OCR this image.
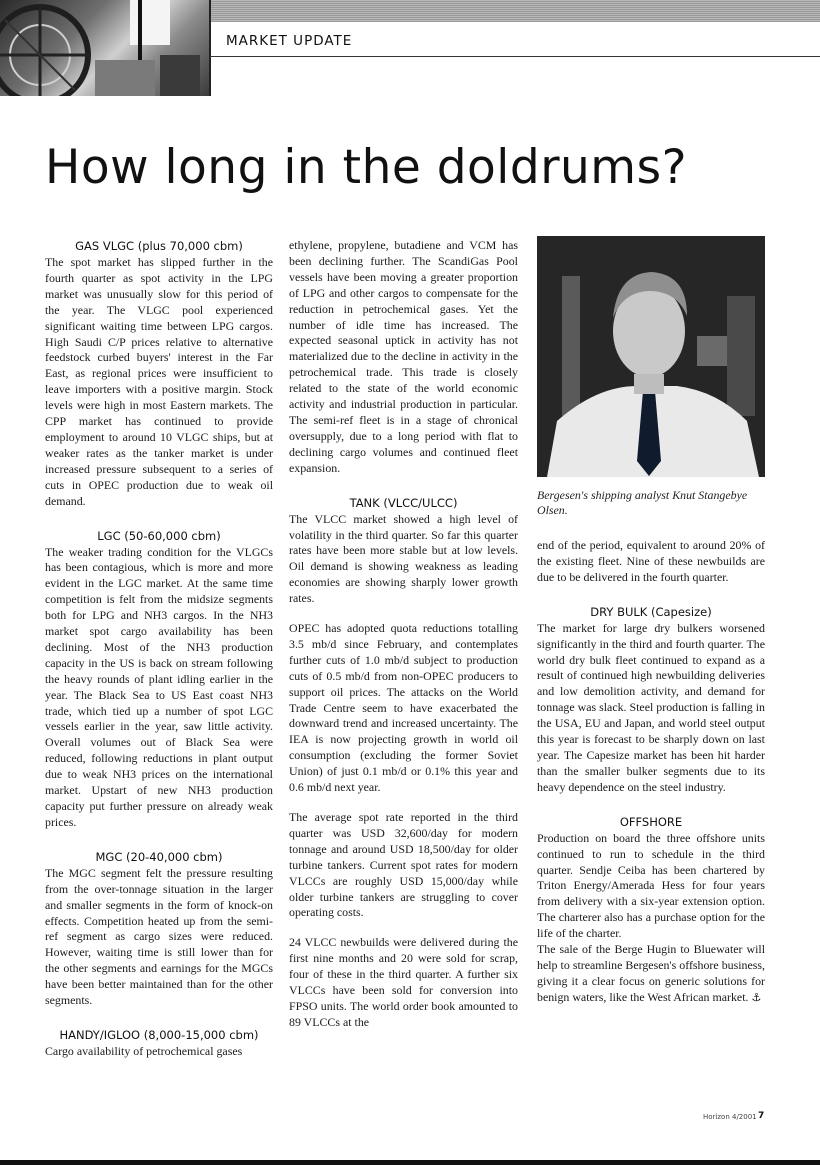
MARKET UPDATE
How long in the doldrums?
GAS VLGC (plus 70,000 cbm)

The spot market has slipped further in the fourth quarter as spot activity in the LPG market was unusually slow for this period of the year. The VLGC pool experienced significant waiting time between LPG cargos. High Saudi C/P prices relative to alternative feedstock curbed buyers' interest in the Far East, as regional prices were insufficient to leave importers with a positive margin. Stock levels were high in most Eastern markets. The CPP market has continued to provide employment to around 10 VLGC ships, but at weaker rates as the tanker market is under increased pressure subsequent to a series of cuts in OPEC production due to weak oil demand.

LGC (50-60,000 cbm)

The weaker trading condition for the VLGCs has been contagious, which is more and more evident in the LGC market. At the same time competition is felt from the midsize segments both for LPG and NH3 cargos. In the NH3 market spot cargo availability has been declining. Most of the NH3 production capacity in the US is back on stream following the heavy rounds of plant idling earlier in the year. The Black Sea to US East coast NH3 trade, which tied up a number of spot LGC vessels earlier in the year, saw little activity. Overall volumes out of Black Sea were reduced, following reductions in plant output due to weak NH3 prices on the international market. Upstart of new NH3 production capacity put further pressure on already weak prices.

MGC (20-40,000 cbm)

The MGC segment felt the pressure resulting from the over-tonnage situation in the larger and smaller segments in the form of knock-on effects. Competition heated up from the semi-ref segment as cargo sizes were reduced. However, waiting time is still lower than for the other segments and earnings for the MGCs have been better maintained than for the other segments.

HANDY/IGLOO (8,000-15,000 cbm)

Cargo availability of petrochemical gases

ethylene, propylene, butadiene and VCM has been declining further. The ScandiGas Pool vessels have been moving a greater proportion of LPG and other cargos to compensate for the reduction in petrochemical gases. Yet the number of idle time has increased. The expected seasonal uptick in activity has not materialized due to the decline in activity in the petrochemical trade. This trade is closely related to the state of the world economic activity and industrial production in particular. The semi-ref fleet is in a stage of chronical oversupply, due to a long period with flat to declining cargo volumes and continued fleet expansion.

TANK (VLCC/ULCC)

The VLCC market showed a high level of volatility in the third quarter. So far this quarter rates have been more stable but at low levels. Oil demand is showing weakness as leading economies are showing sharply lower growth rates.

OPEC has adopted quota reductions totalling 3.5 mb/d since February, and contemplates further cuts of 1.0 mb/d subject to production cuts of 0.5 mb/d from non-OPEC producers to support oil prices. The attacks on the World Trade Centre seem to have exacerbated the downward trend and increased uncertainty. The IEA is now projecting growth in world oil consumption (excluding the former Soviet Union) of just 0.1 mb/d or 0.1% this year and 0.6 mb/d next year.

The average spot rate reported in the third quarter was USD 32,600/day for modern tonnage and around USD 18,500/day for older turbine tankers. Current spot rates for modern VLCCs are roughly USD 15,000/day while older turbine tankers are struggling to cover operating costs.

24 VLCC newbuilds were delivered during the first nine months and 20 were sold for scrap, four of these in the third quarter. A further six VLCCs have been sold for conversion into FPSO units. The world order book amounted to 89 VLCCs at the

Bergesen's shipping analyst Knut Stangebye Olsen.

end of the period, equivalent to around 20% of the existing fleet. Nine of these newbuilds are due to be delivered in the fourth quarter.

DRY BULK (Capesize)

The market for large dry bulkers worsened significantly in the third and fourth quarter. The world dry bulk fleet continued to expand as a result of continued high newbuilding deliveries and low demolition activity, and demand for tonnage was slack. Steel production is falling in the USA, EU and Japan, and world steel output this year is forecast to be sharply down on last year. The Capesize market has been hit harder than the smaller bulker segments due to its heavy dependence on the steel industry.

OFFSHORE

Production on board the three offshore units continued to run to schedule in the third quarter. Sendje Ceiba has been chartered by Triton Energy/Amerada Hess for four years from delivery with a six-year extension option. The charterer also has a purchase option for the life of the charter.

The sale of the Berge Hugin to Bluewater will help to streamline Bergesen's offshore business, giving it a clear focus on generic solutions for benign waters, like the West African market. ⚓

Horizon 4/2001 7
